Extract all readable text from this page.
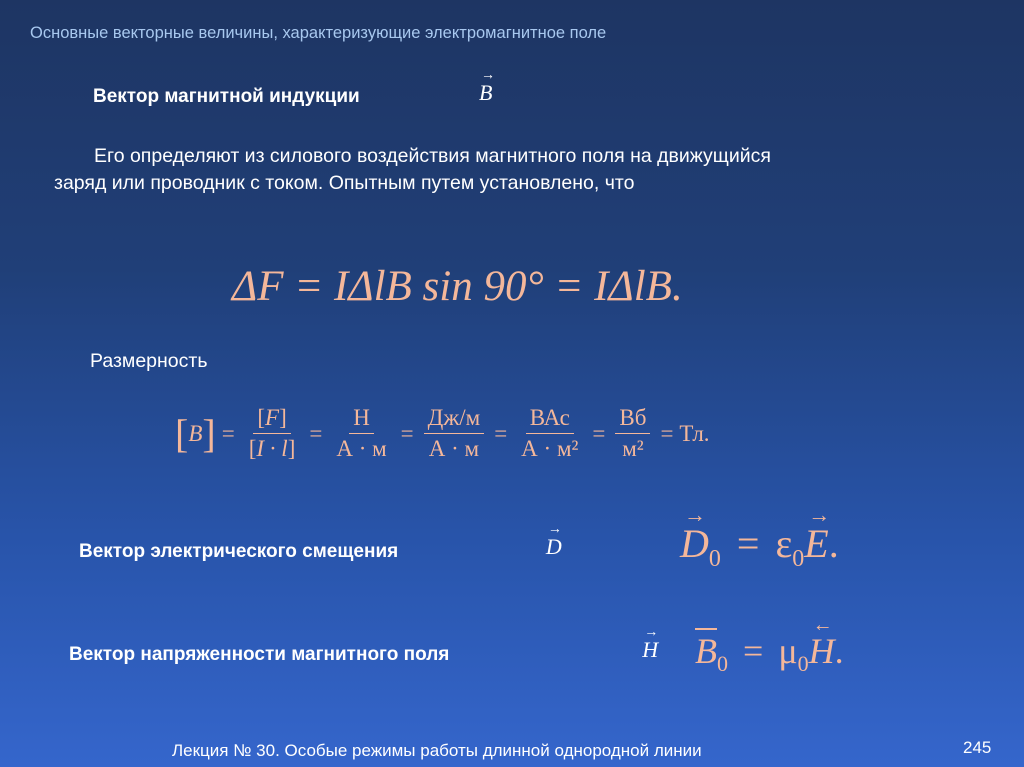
Основные векторные величины, характеризующие электромагнитное поле
Вектор магнитной индукции
→
B
Его определяют из силового воздействия магнитного поля на движущийся заряд или проводник с током. Опытным путем установлено, что
ΔF = IΔlB sin 90° = IΔlB.
Размерность
[ B ] = $\frac{[F]}{[I \cdot l]} = \frac{Н}{А \cdot м} = \frac{Дж/м}{А \cdot м} = \frac{\text{ВАс}}{\text{А · м²}} = \frac{Вб}{\text{м²}}$ = Тл.
Вектор электрического смещения
→
D
→
$D_0 = \varepsilon_0$
→
E.
Вектор напряженности магнитного поля
→
H $B_0 = \mu_0$
←
H.
Лекция № 30. Особые режимы работы длинной однородной линии	245
